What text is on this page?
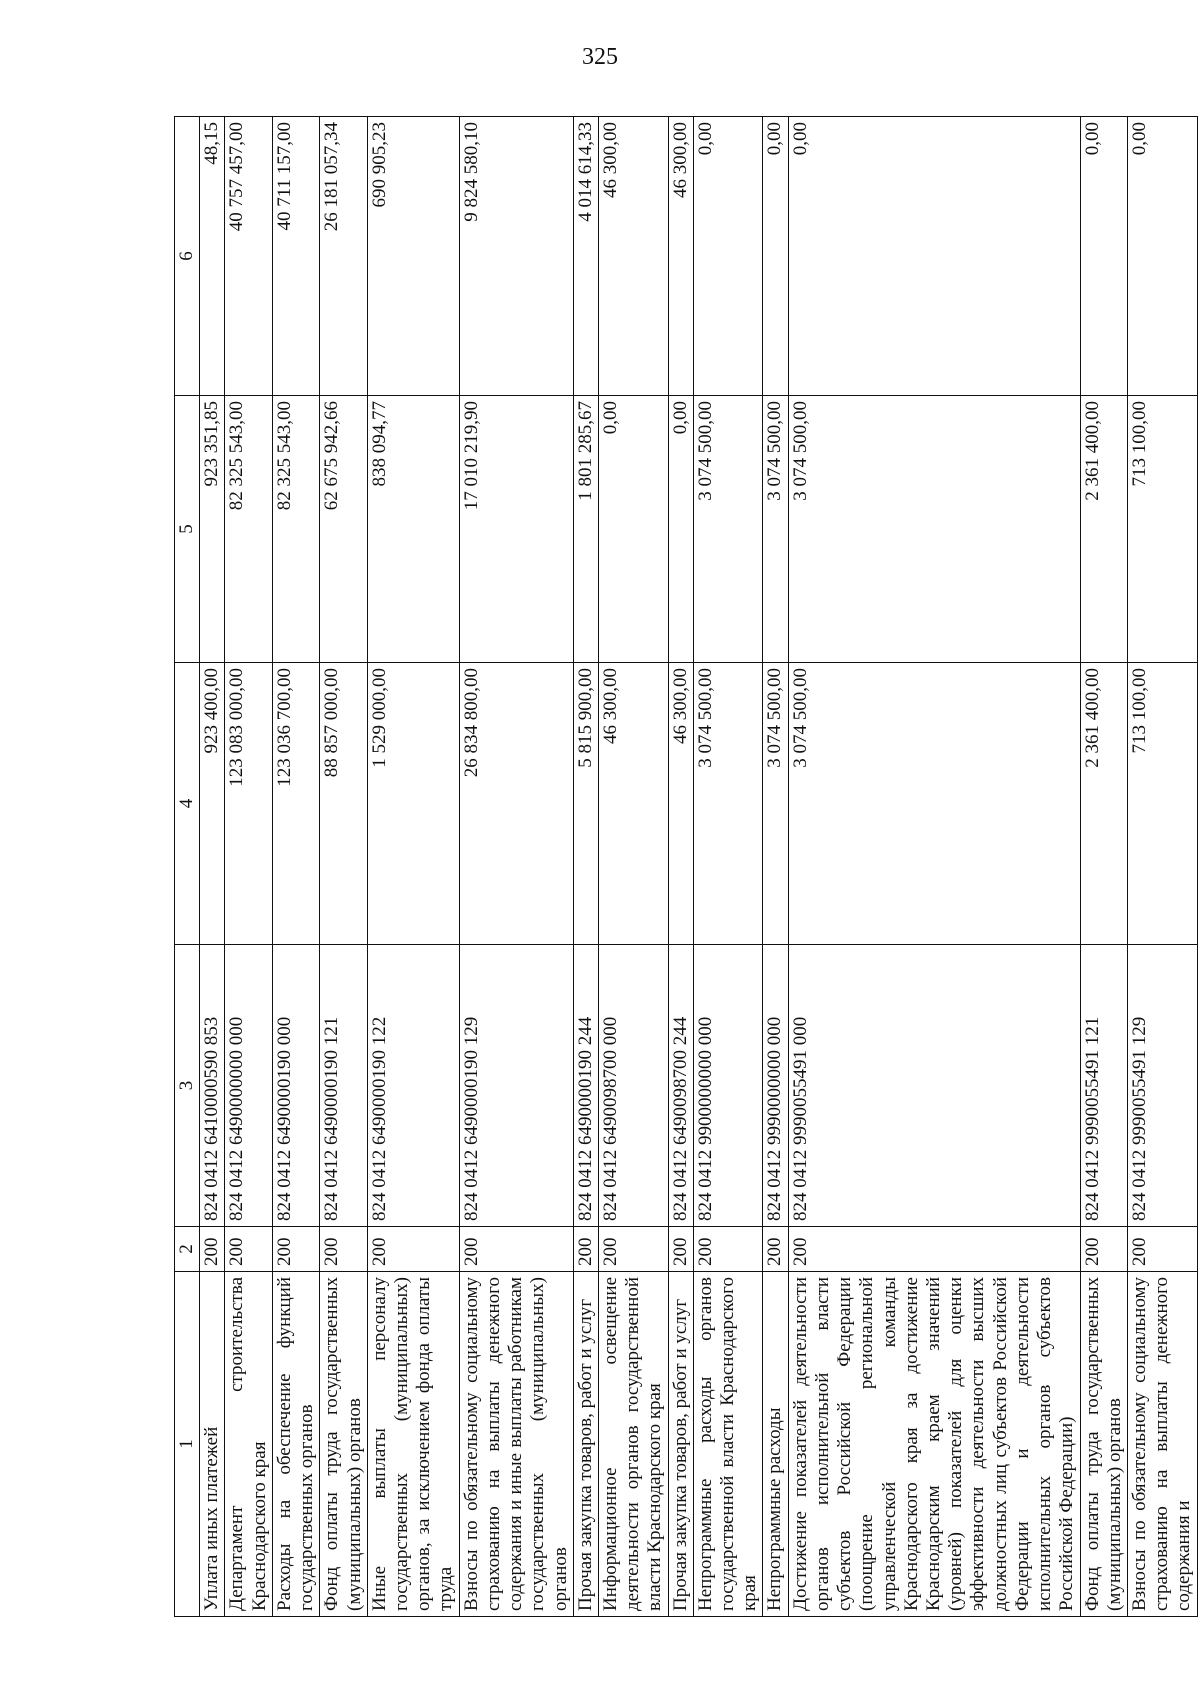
325
1	2	3	4	5	6
Уплата иных платежей	200	824 0412 6410000590 853	923 400,00	923 351,85	48,15
Департамент строительства Краснодарского края	200	824 0412 6490000000 000	123 083 000,00	82 325 543,00	40 757 457,00
Расходы на обеспечение функций государственных органов	200	824 0412 6490000190 000	123 036 700,00	82 325 543,00	40 711 157,00
Фонд оплаты труда государственных (муниципальных) органов	200	824 0412 6490000190 121	88 857 000,00	62 675 942,66	26 181 057,34
Иные выплаты персоналу государственных (муниципальных) органов, за исключением фонда оплаты труда	200	824 0412 6490000190 122	1 529 000,00	838 094,77	690 905,23
Взносы по обязательному социальному страхованию на выплаты денежного содержания и иные выплаты работникам государственных (муниципальных) органов	200	824 0412 6490000190 129	26 834 800,00	17 010 219,90	9 824 580,10
Прочая закупка товаров, работ и услуг	200	824 0412 6490000190 244	5 815 900,00	1 801 285,67	4 014 614,33
Информационное освещение деятельности органов государственной власти Краснодарского края	200	824 0412 6490098700 000	46 300,00	0,00	46 300,00
Прочая закупка товаров, работ и услуг	200	824 0412 6490098700 244	46 300,00	0,00	46 300,00
Непрограммные расходы органов государственной власти Краснодарского края	200	824 0412 9900000000 000	3 074 500,00	3 074 500,00	0,00
Непрограммные расходы	200	824 0412 9990000000 000	3 074 500,00	3 074 500,00	0,00
Достижение показателей деятельности органов исполнительной власти субъектов Российской Федерации (поощрение региональной управленческой команды Краснодарского края за достижение Краснодарским краем значений (уровней) показателей для оценки эффективности деятельности высших должностных лиц субъектов Российской Федерации и деятельности исполнительных органов субъектов Российской Федерации)	200	824 0412 9990055491 000	3 074 500,00	3 074 500,00	0,00
Фонд оплаты труда государственных (муниципальных) органов	200	824 0412 9990055491 121	2 361 400,00	2 361 400,00	0,00
Взносы по обязательному социальному страхованию на выплаты денежного содержания и	200	824 0412 9990055491 129	713 100,00	713 100,00	0,00
